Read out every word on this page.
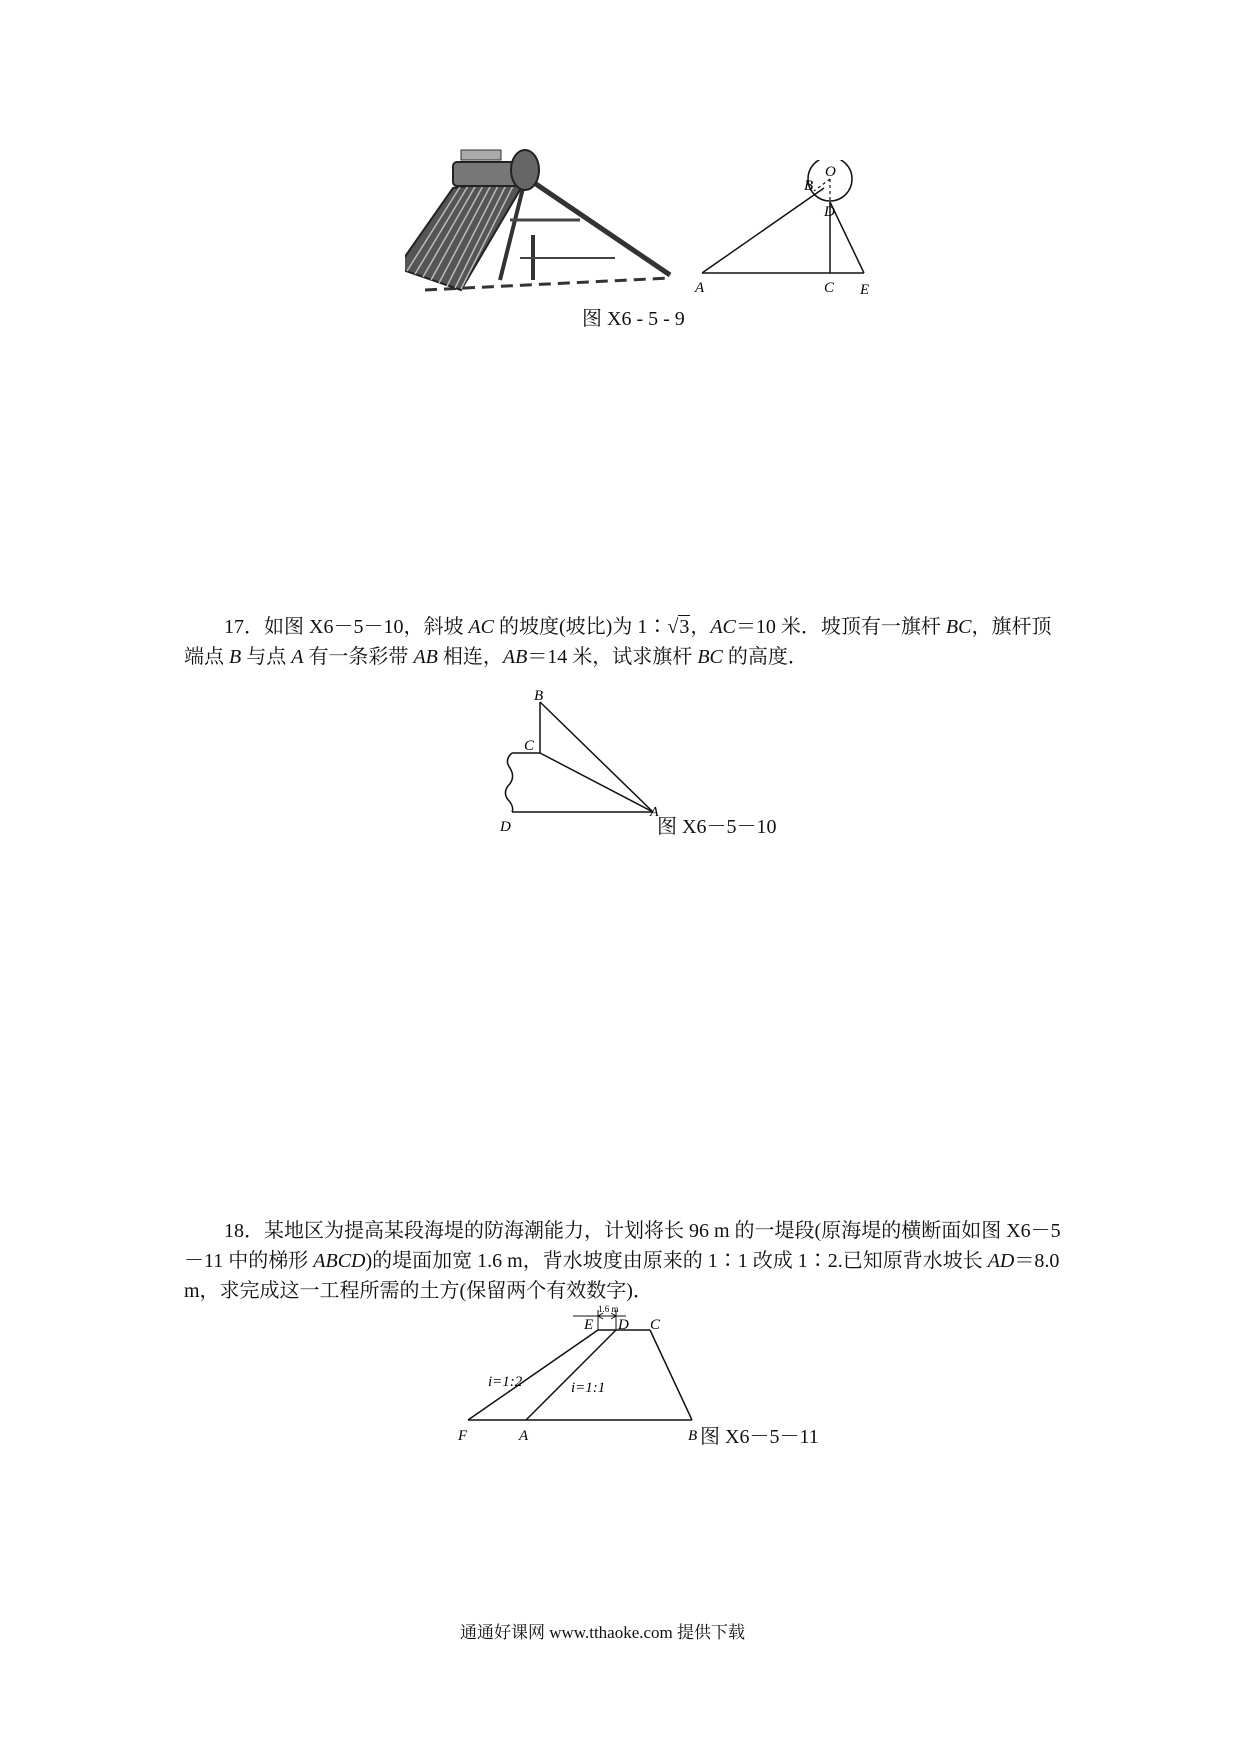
O
B
D
A	C E
图 X6 - 5 - 9

17．如图 X6－5－10，斜坡 AC 的坡度(坡比)为 1∶√3，AC＝10 米．坡顶有一旗杆 BC，旗杆顶端点 B 与点 A 有一条彩带 AB 相连，AB＝14 米，试求旗杆 BC 的高度．

B
C
D
A
图 X6－5－10

18．某地区为提高某段海堤的防海潮能力，计划将长 96 m 的一堤段(原海堤的横断面如图 X6－5－11 中的梯形 ABCD)的堤面加宽 1.6 m，背水坡度由原来的 1∶1 改成 1∶2.已知原背水坡长 AD＝8.0 m，求完成这一工程所需的土方(保留两个有效数字)．

1.6 m
i=1:2	i=1:1
E D C
F	A	B 图 X6－5－11
通通好课网 www.tthaoke.com 提供下载
